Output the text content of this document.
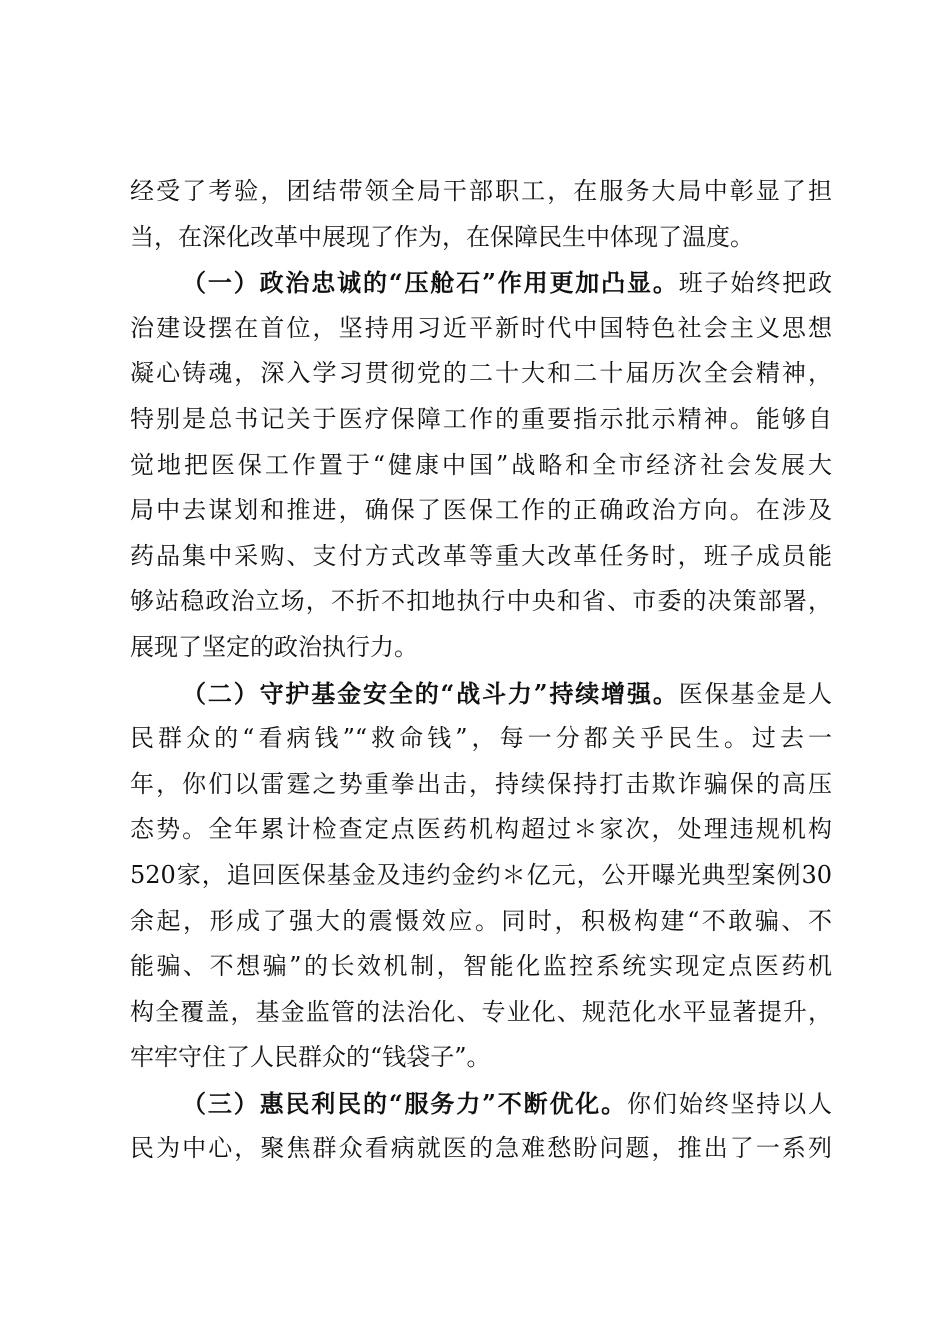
经受了考验，团结带领全局干部职工，在服务大局中彰显了担
当，在深化改革中展现了作为，在保障民生中体现了温度。
（一）政治忠诚的“压舱石”作用更加凸显。班子始终把政
治建设摆在首位，坚持用习近平新时代中国特色社会主义思想
凝心铸魂，深入学习贯彻党的二十大和二十届历次全会精神，
特别是总书记关于医疗保障工作的重要指示批示精神。能够自
觉地把医保工作置于“健康中国”战略和全市经济社会发展大
局中去谋划和推进，确保了医保工作的正确政治方向。在涉及
药品集中采购、支付方式改革等重大改革任务时，班子成员能
够站稳政治立场，不折不扣地执行中央和省、市委的决策部署，
展现了坚定的政治执行力。
（二）守护基金安全的“战斗力”持续增强。医保基金是人
民群众的“看病钱”“救命钱”，每一分都关乎民生。过去一
年，你们以雷霆之势重拳出击，持续保持打击欺诈骗保的高压
态势。全年累计检查定点医药机构超过＊家次，处理违规机构
520家，追回医保基金及违约金约＊亿元，公开曝光典型案例30
余起，形成了强大的震慑效应。同时，积极构建“不敢骗、不
能骗、不想骗”的长效机制，智能化监控系统实现定点医药机
构全覆盖，基金监管的法治化、专业化、规范化水平显著提升，
牢牢守住了人民群众的“钱袋子”。
（三）惠民利民的“服务力”不断优化。你们始终坚持以人
民为中心，聚焦群众看病就医的急难愁盼问题，推出了一系列
